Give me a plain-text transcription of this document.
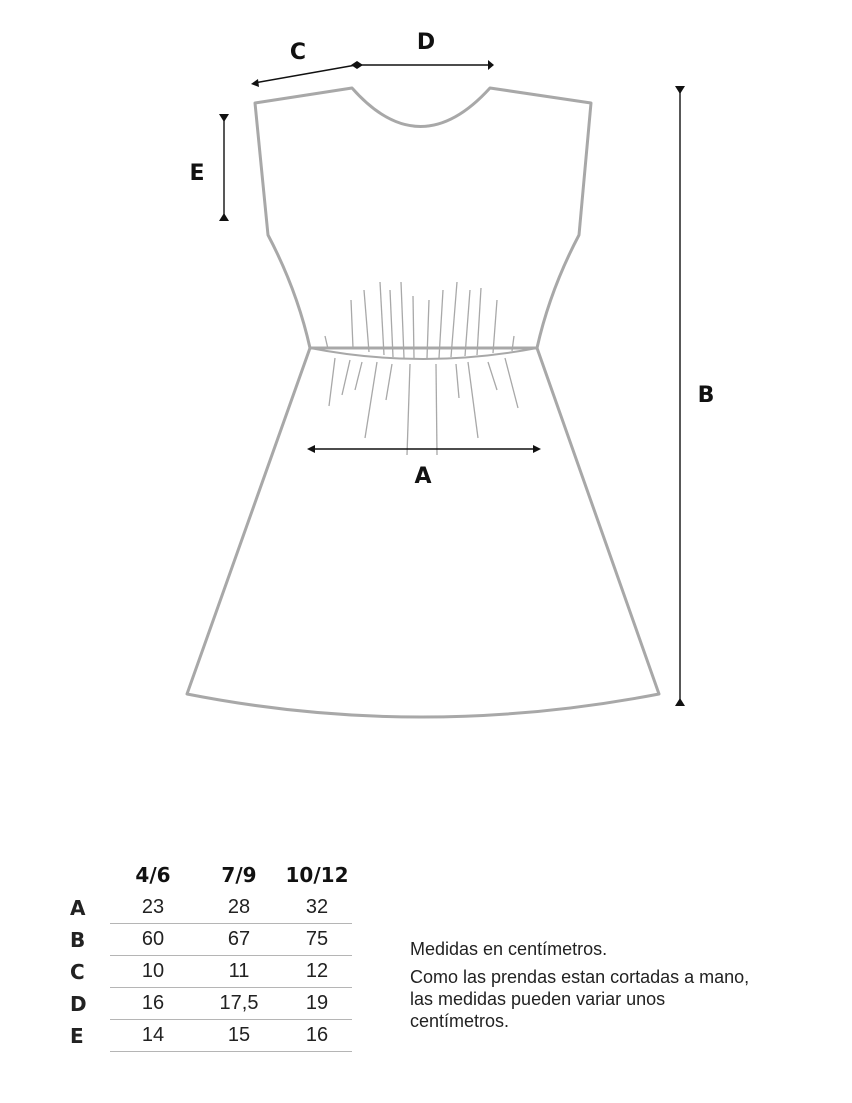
A
B
C	D
E
	4/6	7/9	10/12
A	23	28	32
B	60	67	75
C	10	11	12
D	16	17,5	19
E	14	15	16

Medidas en centímetros.

Como las prendas estan cortadas a mano, las medidas pueden variar unos centímetros.
